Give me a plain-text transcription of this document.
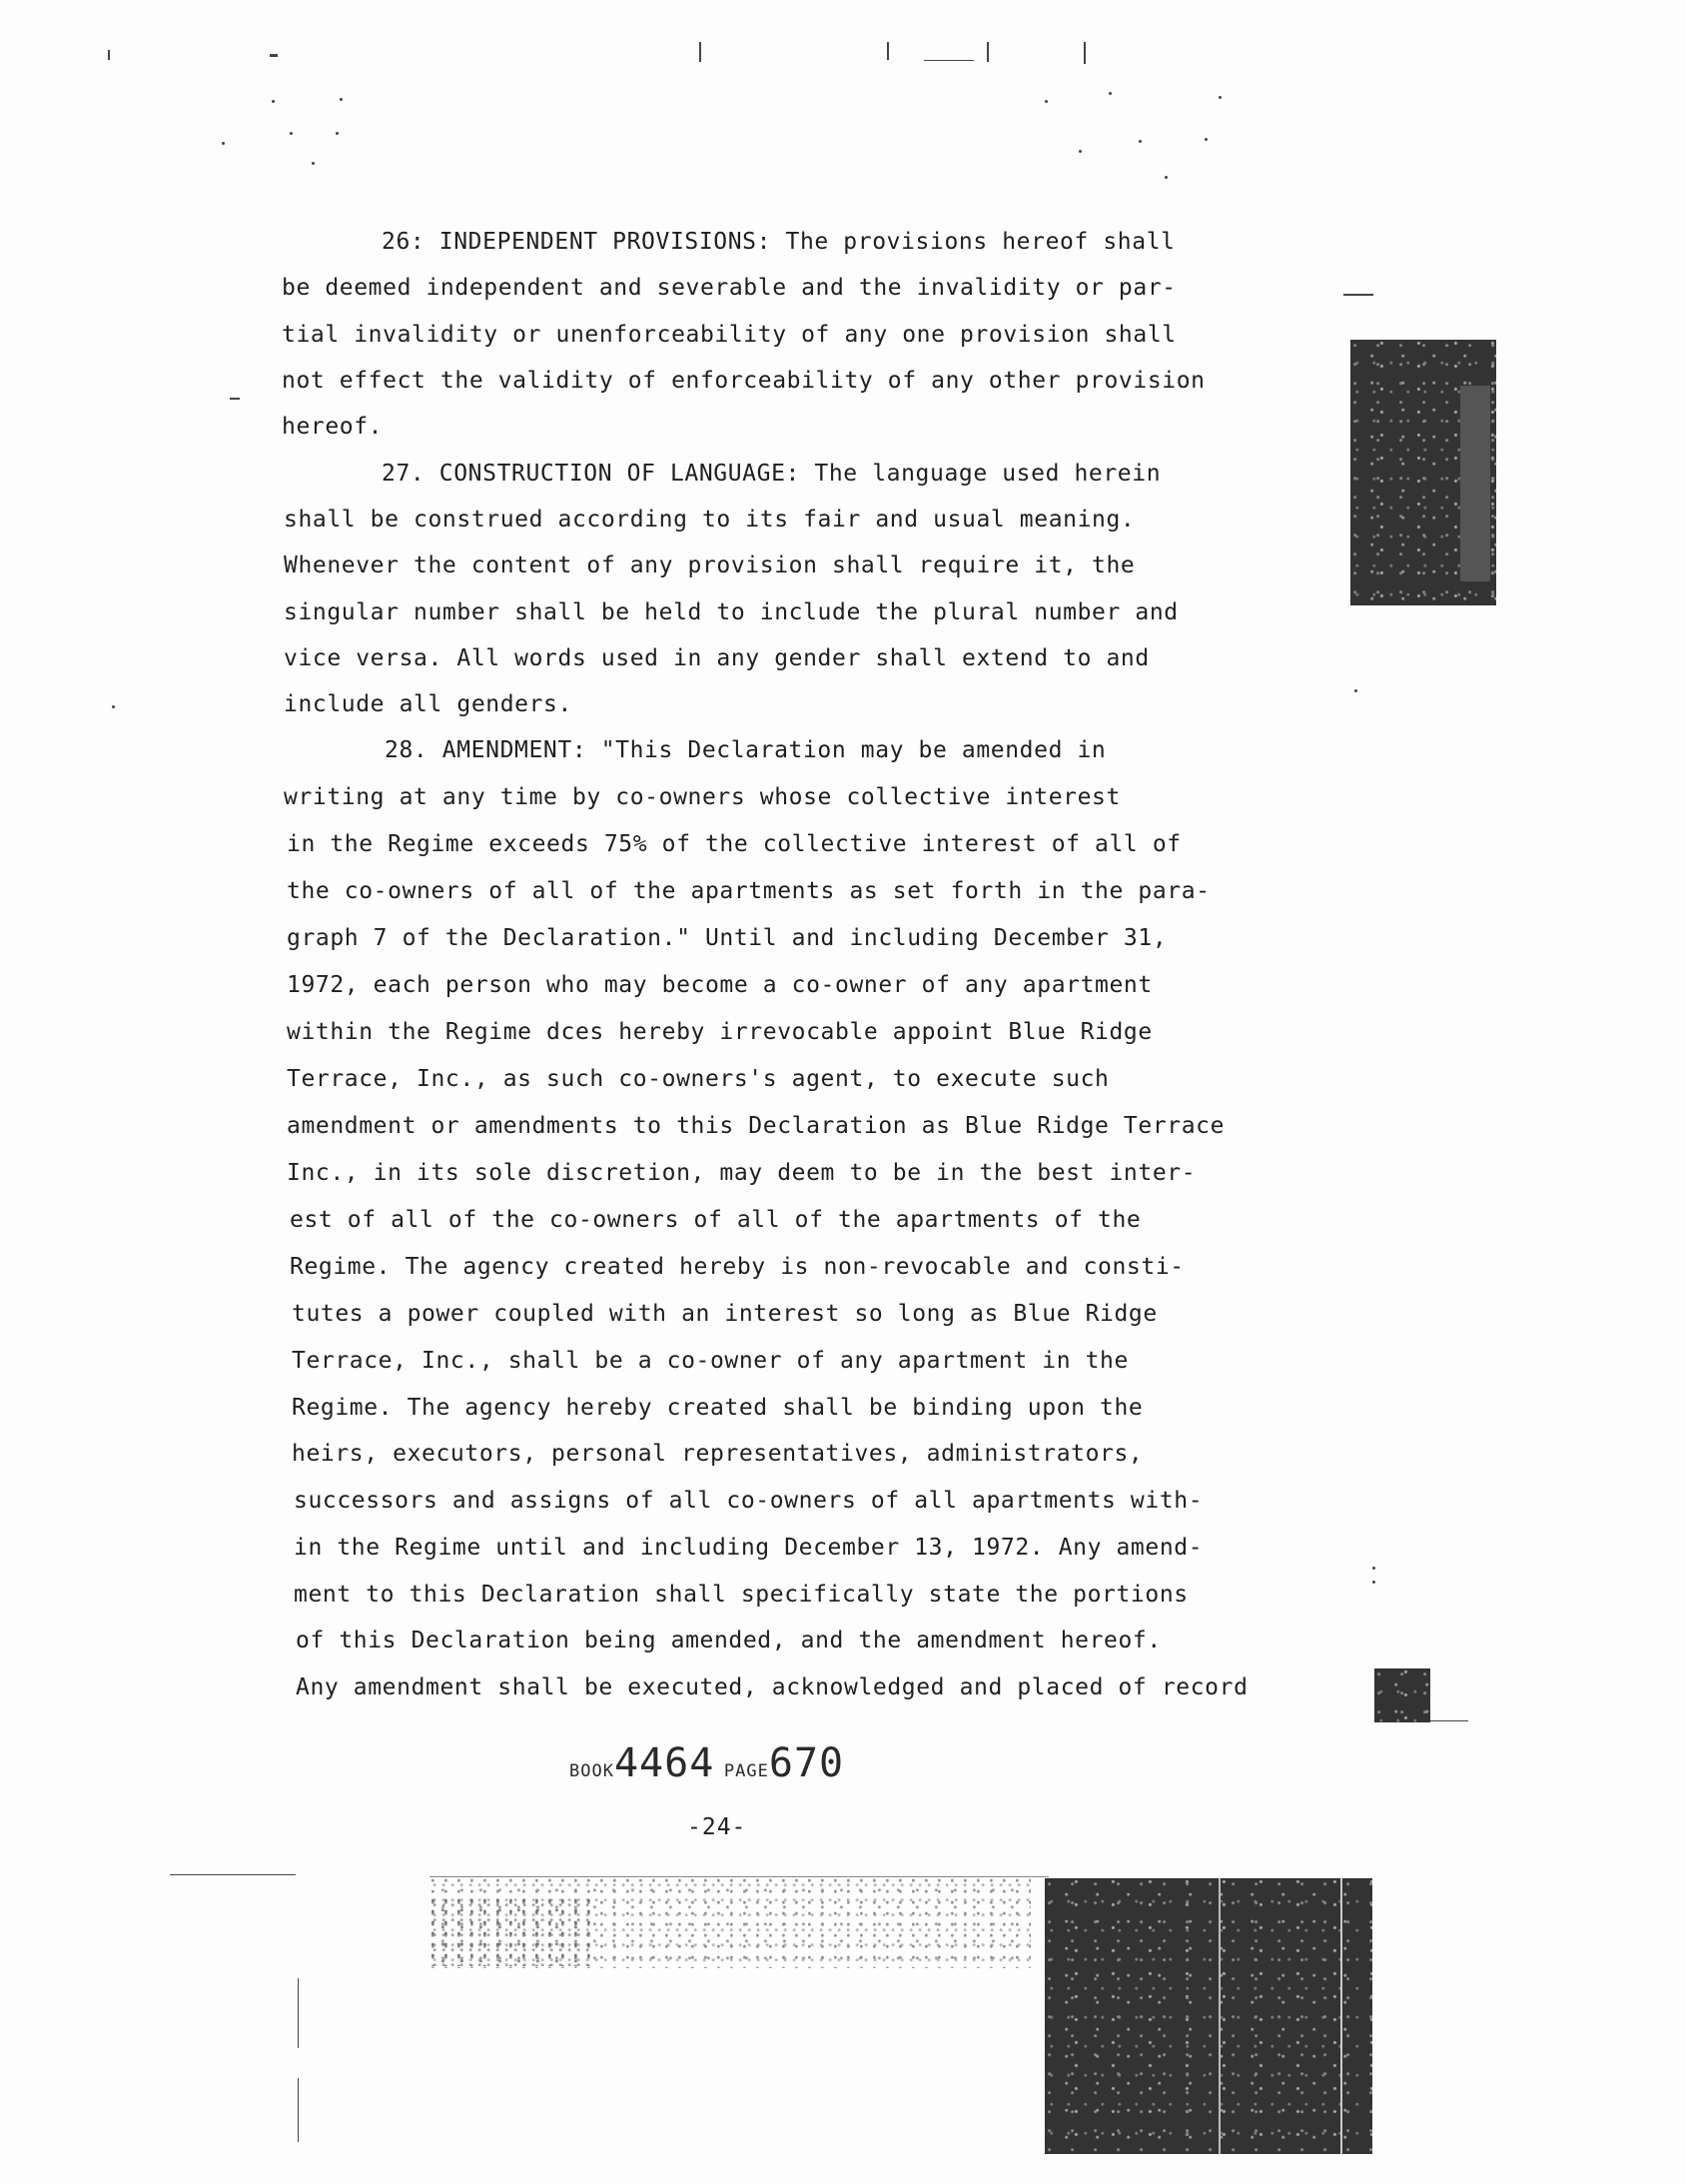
26: INDEPENDENT PROVISIONS: The provisions hereof shall
be deemed independent and severable and the invalidity or par-
tial invalidity or unenforceability of any one provision shall
not effect the validity of enforceability of any other provision
hereof.
27. CONSTRUCTION OF LANGUAGE: The language used herein
shall be construed according to its fair and usual meaning.
Whenever the content of any provision shall require it, the
singular number shall be held to include the plural number and
vice versa. All words used in any gender shall extend to and
include all genders.
28. AMENDMENT: "This Declaration may be amended in
writing at any time by co-owners whose collective interest
in the Regime exceeds 75% of the collective interest of all of
the co-owners of all of the apartments as set forth in the para-
graph 7 of the Declaration." Until and including December 31,
1972, each person who may become a co-owner of any apartment
within the Regime dces hereby irrevocable appoint Blue Ridge
Terrace, Inc., as such co-owners's agent, to execute such
amendment or amendments to this Declaration as Blue Ridge Terrace
Inc., in its sole discretion, may deem to be in the best inter-
est of all of the co-owners of all of the apartments of the
Regime. The agency created hereby is non-revocable and consti-
tutes a power coupled with an interest so long as Blue Ridge
Terrace, Inc., shall be a co-owner of any apartment in the
Regime. The agency hereby created shall be binding upon the
heirs, executors, personal representatives, administrators,
successors and assigns of all co-owners of all apartments with-
in the Regime until and including December 13, 1972. Any amend-
ment to this Declaration shall specifically state the portions
of this Declaration being amended, and the amendment hereof.
Any amendment shall be executed, acknowledged and placed of record
BOOK4464 PAGE670
-24-
